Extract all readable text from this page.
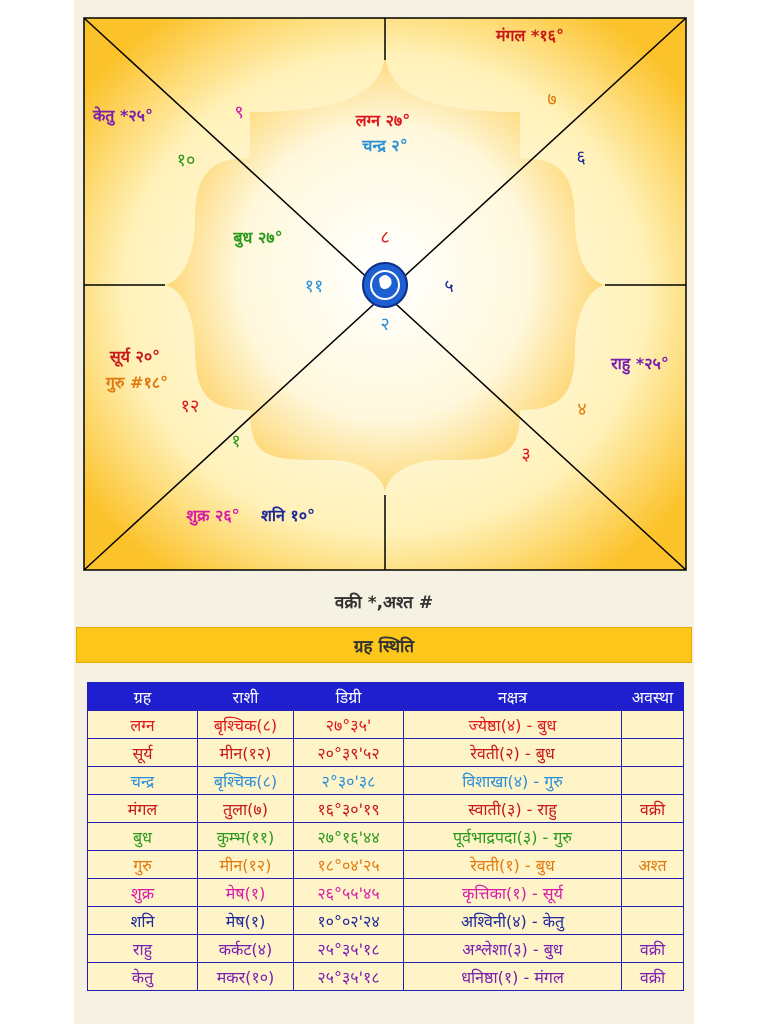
८
९
१०
११
१२
१
२
३
४
५
६
७
लग्न २७°
चन्द्र २°
मंगल *१६°
केतु *२५°
बुध २७°
सूर्य २०°
गुरु #१८°
शुक्र २६° शनि १०°
राहु *२५°
वक्री *,अश्त #
ग्रह स्थिति
ग्रह	राशी	डिग्री	नक्षत्र	अवस्था
लग्न	बृश्चिक(८)	२७°३५'	ज्येष्ठा(४) - बुध	
सूर्य	मीन(१२)	२०°३९'५२	रेवती(२) - बुध	
चन्द्र	बृश्चिक(८)	२°३०'३८	विशाखा(४) - गुरु	
मंगल	तुला(७)	१६°३०'१९	स्वाती(३) - राहु	वक्री
बुध	कुम्भ(११)	२७°१६'४४	पूर्वभाद्रपदा(३) - गुरु	
गुरु	मीन(१२)	१८°०४'२५	रेवती(१) - बुध	अश्त
शुक्र	मेष(१)	२६°५५'४५	कृत्तिका(१) - सूर्य	
शनि	मेष(१)	१०°०२'२४	अश्विनी(४) - केतु	
राहु	कर्कट(४)	२५°३५'१८	अश्लेशा(३) - बुध	वक्री
केतु	मकर(१०)	२५°३५'१८	धनिष्ठा(१) - मंगल	वक्री
